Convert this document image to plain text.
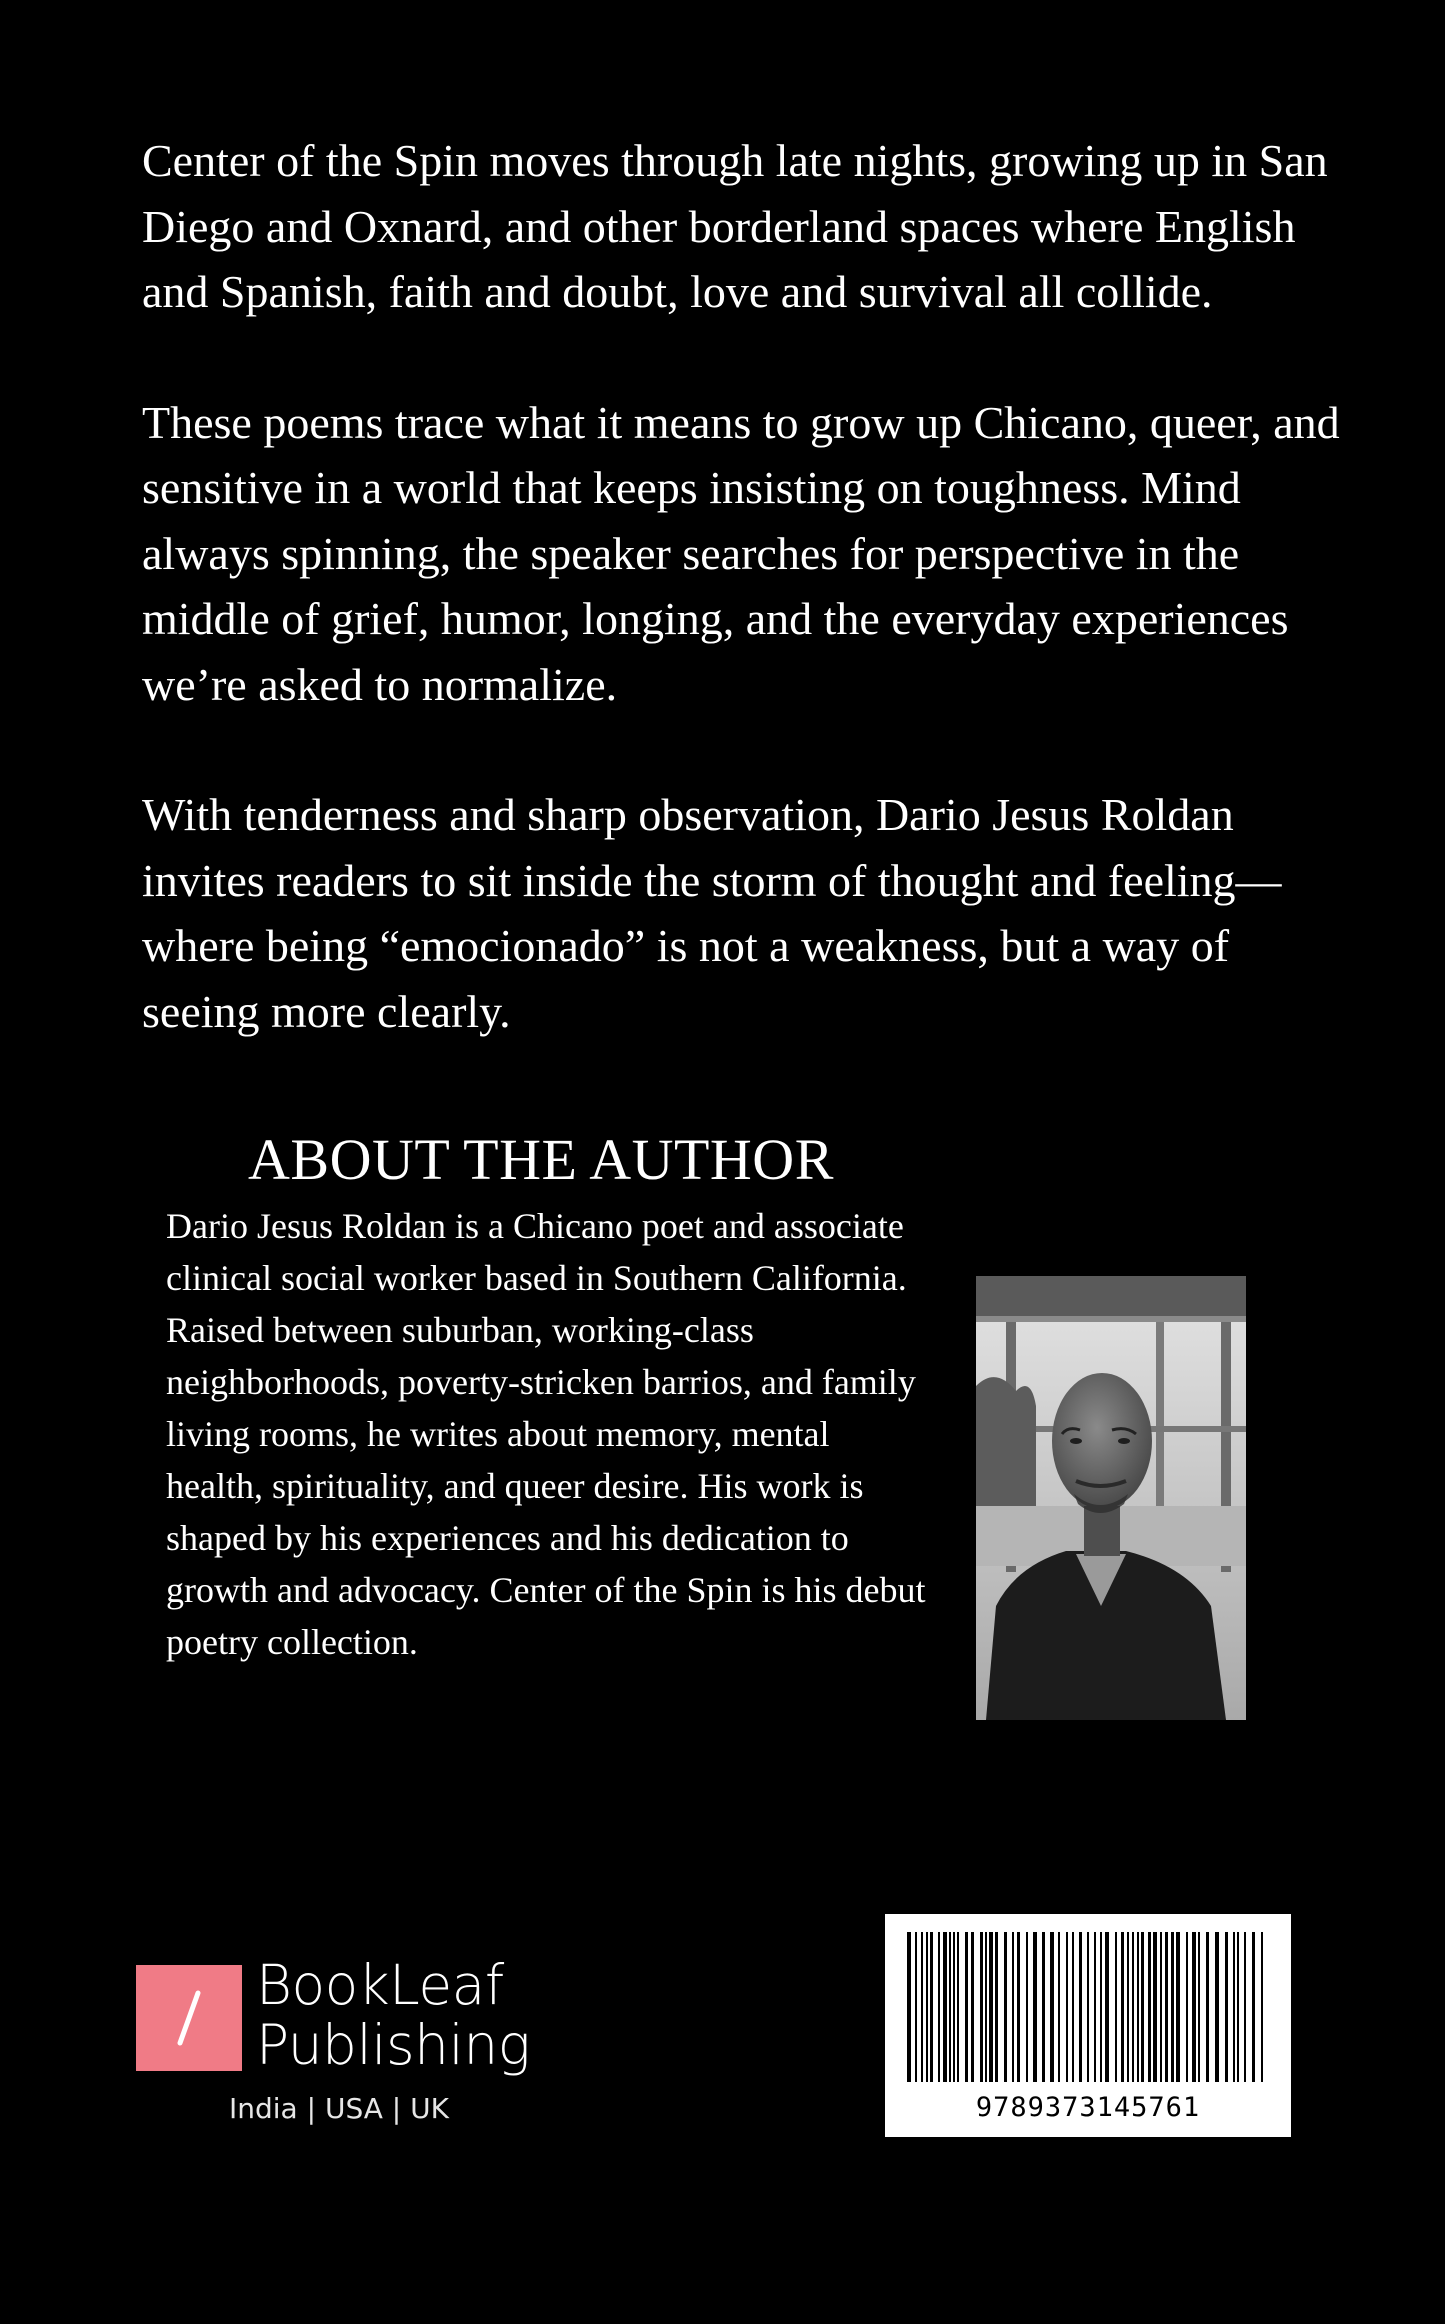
Center of the Spin moves through late nights, growing up in San Diego and Oxnard, and other borderland spaces where English and Spanish, faith and doubt, love and survival all collide.

These poems trace what it means to grow up Chicano, queer, and sensitive in a world that keeps insisting on toughness. Mind always spinning, the speaker searches for perspective in the middle of grief, humor, longing, and the everyday experiences we’re asked to normalize.

With tenderness and sharp observation, Dario Jesus Roldan invites readers to sit inside the storm of thought and feeling—where being “emocionado” is not a weakness, but a way of seeing more clearly.

ABOUT THE AUTHOR
Dario Jesus Roldan is a Chicano poet and associate clinical social worker based in Southern California. Raised between suburban, working-class neighborhoods, poverty-stricken barrios, and family living rooms, he writes about memory, mental health, spirituality, and queer desire. His work is shaped by his experiences and his dedication to growth and advocacy. Center of the Spin is his debut poetry collection.
BookLeaf
Publishing
India | USA | UK	9789373145761
